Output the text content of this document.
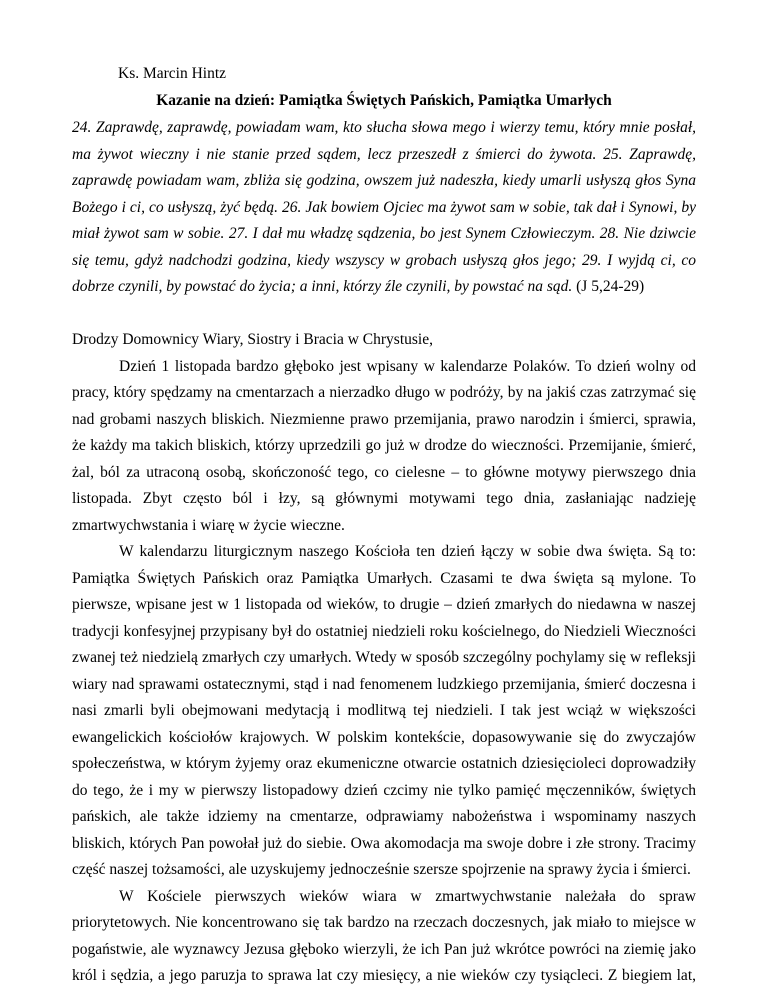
Ks. Marcin Hintz
Kazanie na dzień: Pamiątka Świętych Pańskich, Pamiątka Umarłych
24. Zaprawdę, zaprawdę, powiadam wam, kto słucha słowa mego i wierzy temu, który mnie posłał,
ma żywot wieczny i nie stanie przed sądem, lecz przeszedł z śmierci do żywota. 25. Zaprawdę,
zaprawdę powiadam wam, zbliża się godzina, owszem już nadeszła, kiedy umarli usłyszą głos Syna
Bożego i ci, co usłyszą, żyć będą. 26. Jak bowiem Ojciec ma żywot sam w sobie, tak dał i Synowi, by
miał żywot sam w sobie. 27. I dał mu władzę sądzenia, bo jest Synem Człowieczym. 28. Nie dziwcie
się temu, gdyż nadchodzi godzina, kiedy wszyscy w grobach usłyszą głos jego; 29. I wyjdą ci, co
dobrze czynili, by powstać do życia; a inni, którzy źle czynili, by powstać na sąd. (J 5,24-29)
Drodzy Domownicy Wiary, Siostry i Bracia w Chrystusie,
Dzień 1 listopada bardzo głęboko jest wpisany w kalendarze Polaków. To dzień wolny od
pracy, który spędzamy na cmentarzach a nierzadko długo w podróży, by na jakiś czas zatrzymać się
nad grobami naszych bliskich. Niezmienne prawo przemijania, prawo narodzin i śmierci, sprawia,
że każdy ma takich bliskich, którzy uprzedzili go już w drodze do wieczności. Przemijanie, śmierć,
żal, ból za utraconą osobą, skończoność tego, co cielesne – to główne motywy pierwszego dnia
listopada. Zbyt często ból i łzy, są głównymi motywami tego dnia, zasłaniając nadzieję
zmartwychwstania i wiarę w życie wieczne.
W kalendarzu liturgicznym naszego Kościoła ten dzień łączy w sobie dwa święta. Są to:
Pamiątka Świętych Pańskich oraz Pamiątka Umarłych. Czasami te dwa święta są mylone. To
pierwsze, wpisane jest w 1 listopada od wieków, to drugie – dzień zmarłych do niedawna w naszej
tradycji konfesyjnej przypisany był do ostatniej niedzieli roku kościelnego, do Niedzieli Wieczności
zwanej też niedzielą zmarłych czy umarłych. Wtedy w sposób szczególny pochylamy się w refleksji
wiary nad sprawami ostatecznymi, stąd i nad fenomenem ludzkiego przemijania, śmierć doczesna i
nasi zmarli byli obejmowani medytacją i modlitwą tej niedzieli. I tak jest wciąż w większości
ewangelickich kościołów krajowych. W polskim kontekście, dopasowywanie się do zwyczajów
społeczeństwa, w którym żyjemy oraz ekumeniczne otwarcie ostatnich dziesięcioleci doprowadziły
do tego, że i my w pierwszy listopadowy dzień czcimy nie tylko pamięć męczenników, świętych
pańskich, ale także idziemy na cmentarze, odprawiamy nabożeństwa i wspominamy naszych
bliskich, których Pan powołał już do siebie. Owa akomodacja ma swoje dobre i złe strony. Tracimy
część naszej tożsamości, ale uzyskujemy jednocześnie szersze spojrzenie na sprawy życia i śmierci.
W Kościele pierwszych wieków wiara w zmartwychwstanie należała do spraw
priorytetowych. Nie koncentrowano się tak bardzo na rzeczach doczesnych, jak miało to miejsce w
pogaństwie, ale wyznawcy Jezusa głęboko wierzyli, że ich Pan już wkrótce powróci na ziemię jako
król i sędzia, a jego paruzja to sprawa lat czy miesięcy, a nie wieków czy tysiącleci. Z biegiem lat,
